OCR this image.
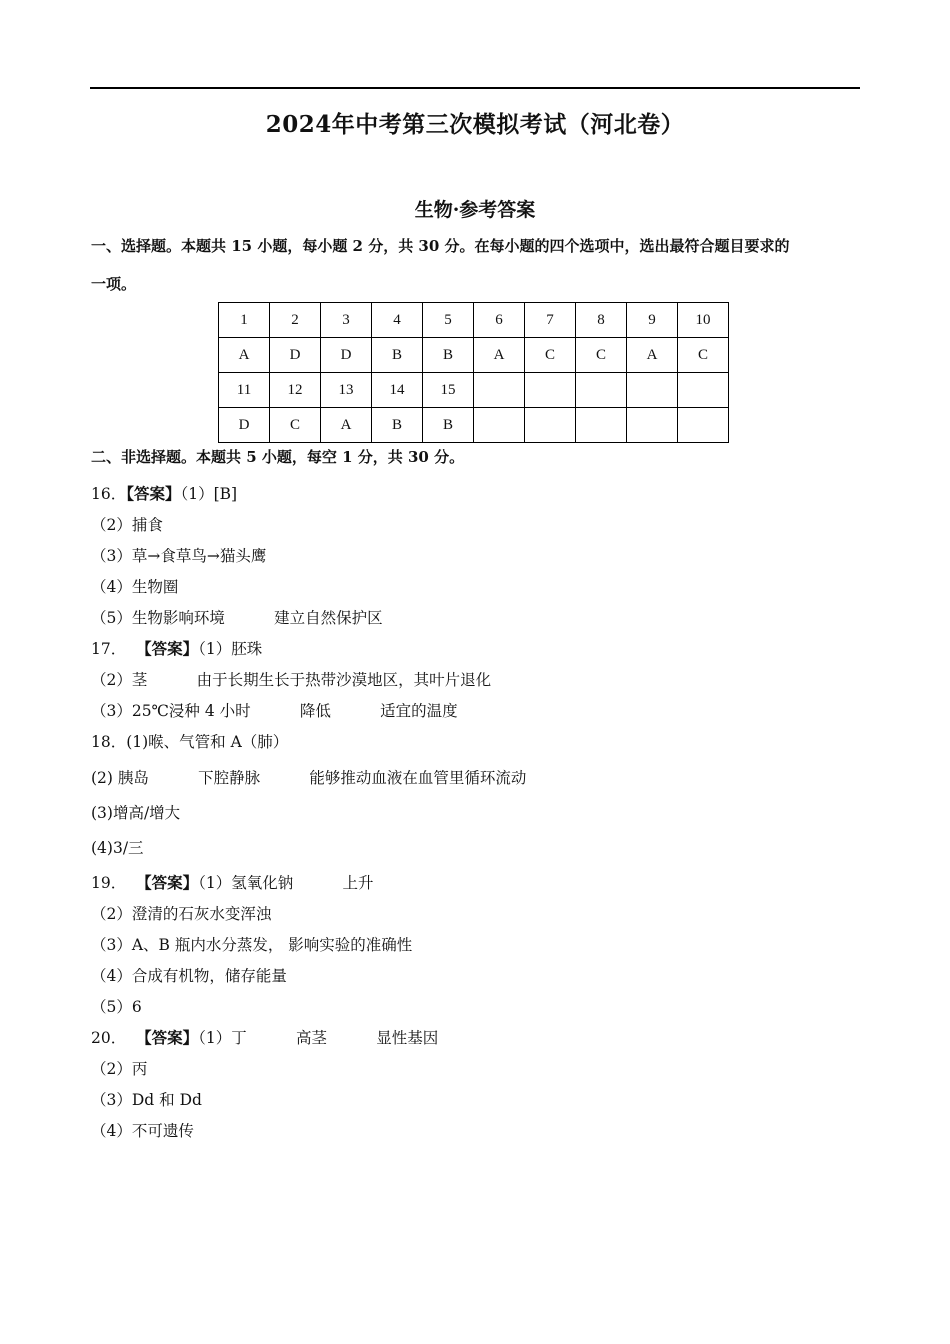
2024年中考第三次模拟考试（河北卷）
生物·参考答案
一、选择题。本题共 15 小题，每小题 2 分，共 30 分。在每小题的四个选项中，选出最符合题目要求的
一项。
1	2	3	4	5	6	7	8	9	10
A	D	D	B	B	A	C	C	A	C
11	12	13	14	15					
D	C	A	B	B					
二、非选择题。本题共 5 小题，每空 1 分，共 30 分。
16．【答案】（1）[B]
（2）捕食
（3）草→食草鸟→猫头鹰
（4）生物圈
（5）生物影响环境          建立自然保护区
17．  【答案】（1）胚珠
（2）茎          由于长期生长于热带沙漠地区，其叶片退化
（3）25℃浸种 4 小时          降低          适宜的温度
18．(1)喉、气管和 A（肺）
(2) 胰岛          下腔静脉          能够推动血液在血管里循环流动
(3)增高/增大
(4)3/三
19．  【答案】（1）氢氧化钠          上升
（2）澄清的石灰水变浑浊
（3）A、B 瓶内水分蒸发， 影响实验的准确性
（4）合成有机物，储存能量
（5）6
20．  【答案】（1）丁          高茎          显性基因
（2）丙
（3）Dd 和 Dd
（4）不可遗传
